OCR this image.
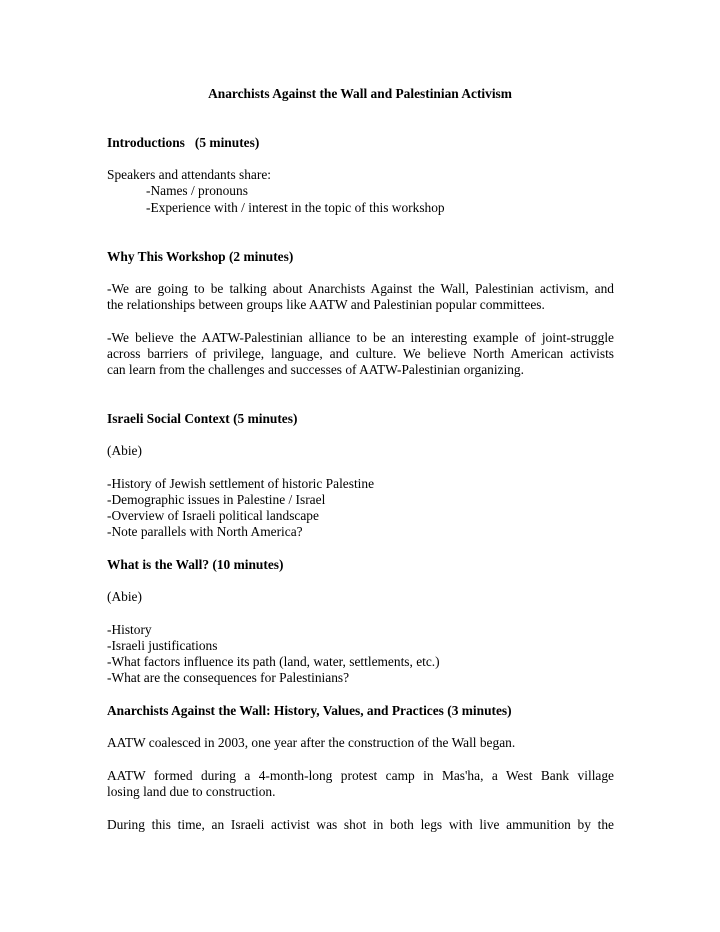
Anarchists Against the Wall and Palestinian Activism
Introductions   (5 minutes)
Speakers and attendants share:
-Names / pronouns
-Experience with / interest in the topic of this workshop
Why This Workshop (2 minutes)
-We are going to be talking about Anarchists Against the Wall, Palestinian activism, and
the relationships between groups like AATW and Palestinian popular committees.
-We believe the AATW-Palestinian alliance to be an interesting example of joint-struggle
across barriers of privilege, language, and culture. We believe North American activists
can learn from the challenges and successes of AATW-Palestinian organizing.
Israeli Social Context (5 minutes)
(Abie)
-History of Jewish settlement of historic Palestine
-Demographic issues in Palestine / Israel
-Overview of Israeli political landscape
-Note parallels with North America?
What is the Wall? (10 minutes)
(Abie)
-History
-Israeli justifications
-What factors influence its path (land, water, settlements, etc.)
-What are the consequences for Palestinians?
Anarchists Against the Wall: History, Values, and Practices (3 minutes)
AATW coalesced in 2003, one year after the construction of the Wall began.
AATW formed during a 4-month-long protest camp in Mas'ha, a West Bank village
losing land due to construction.
During this time, an Israeli activist was shot in both legs with live ammunition by the
